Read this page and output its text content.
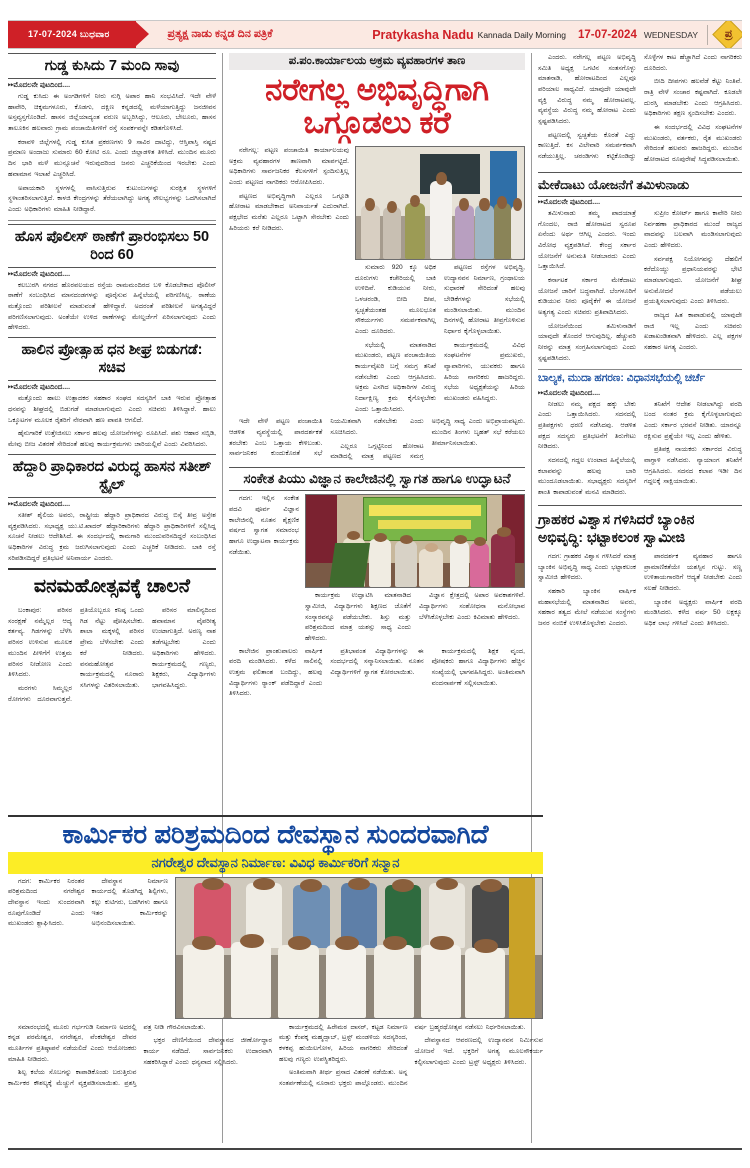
17-07-2024 ಬುಧವಾರ	ಪ್ರತ್ಯಕ್ಷ ನಾಡು ಕನ್ನಡ ದಿನ ಪತ್ರಿಕೆ	Pratykasha Nadu Kannada Daily Morning 17-07-2024 WEDNESDAY ಪ್ರ
ಗುಡ್ಡ ಕುಸಿದು 7 ಮಂದಿ ಸಾವು
▸▸ ಮೊದಲನೇ ಪುಟದಿಂದ....

ಗುಡ್ಡ ಕುಸಿದು ಈ ಅಂಗಡಿಗಳಿಗೆ ನೀರು ನುಗ್ಗಿ ಅಪಾರ ಹಾನಿ ಸಂಭವಿಸಿದೆ. ಇದೇ ವೇಳೆ ಹಾವೇರಿ, ಚಿಕ್ಕಮಗಳೂರು, ಕೊಡಗು, ದಕ್ಷಿಣ ಕನ್ನಡದಲ್ಲಿ ಮಳೆಯಾಗುತ್ತಿದ್ದು ಜನಜೀವನ ಅಸ್ತವ್ಯಸ್ತಗೊಂಡಿದೆ. ಹಾಸನ ಜಿಲ್ಲೆಯಾದ್ಯಂತ ವರುಣ ಅಬ್ಬರಿಸಿದ್ದು, ಆಲೂರು, ಬೇಲೂರು, ಹಾಸನ ತಾಲೂಕಿನ ಹಲವಾರು ಗ್ರಾಮ ಪಂಚಾಯಿತಿಗಳಿಗೆ ರಸ್ತೆ ಸಂಪರ್ಕವನ್ನೇ ಕಡಿತಗೊಳಿಸಿದೆ.

ಕರಾವಳಿ ಜಿಲ್ಲೆಗಳಲ್ಲಿ ಗುಡ್ಡ ಕುಸಿತ ಪ್ರಕರಣಗಳು 9 ಸಾವಿರ ದಾಟಿದ್ದು, ಆಸ್ತಿಪಾಸ್ತಿ ನಷ್ಟದ ಪ್ರಮಾಣ ಅಂದಾಜು ಸುಮಾರು 60 ಕೋಟಿ ರೂ. ಎಂದು ಜಿಲ್ಲಾಡಳಿತ ತಿಳಿಸಿದೆ. ಮುಂದಿನ ಮೂರು ದಿನ ಭಾರಿ ಮಳೆ ಮುನ್ಸೂಚನೆ ಇರುವುದರಿಂದ ಜನರು ಎಚ್ಚರಿಕೆಯಿಂದ ಇರಬೇಕು ಎಂದು ಹವಾಮಾನ ಇಲಾಖೆ ಎಚ್ಚರಿಸಿದೆ.

ಅಪಾಯಕಾರಿ ಸ್ಥಳಗಳಲ್ಲಿ ವಾಸಿಸುತ್ತಿರುವ ಕುಟುಂಬಗಳನ್ನು ಸುರಕ್ಷಿತ ಸ್ಥಳಗಳಿಗೆ ಸ್ಥಳಾಂತರಿಸಲಾಗುತ್ತಿದೆ. ಕಾಳಜಿ ಕೇಂದ್ರಗಳನ್ನು ತೆರೆಯಲಾಗಿದ್ದು ಅಗತ್ಯ ಸೌಲಭ್ಯಗಳನ್ನು ಒದಗಿಸಲಾಗಿದೆ ಎಂದು ಅಧಿಕಾರಿಗಳು ಮಾಹಿತಿ ನೀಡಿದ್ದಾರೆ.

ಹೊಸ ಪೊಲೀಸ್ ಠಾಣೆಗೆ ಪ್ರಾರಂಭಿಸಲು 50 ರಿಂದ 60
▸▸ ಮೊದಲನೇ ಪುಟದಿಂದ....

ಕಲಬುರಗಿ ನಗರದ ಹೊರವಲಯದ ರಸ್ತೆಯ ರಾಮಮಂದಿರದ ಬಳಿ ಕೊಡಬೇಕಾದ ಪೊಲೀಸ್ ಠಾಣೆಗೆ ಸಂಬಂಧಿಸಿದ ಮಾನದಂಡಗಳನ್ನು ಪೂರೈಸುವ ಹಿನ್ನೆಲೆಯಲ್ಲಿ ಪರಿಗಣಿಸಿಲ್ಲ. ಠಾಣೆಯ ಮತ್ತೊಂದು ಪರಿಶೀಲನೆ ಮಾಡುವಂತೆ ಹೇಳಿದ್ದಾರೆ. ಅದರಂತೆ ಪರಿಶೀಲನೆ ಅಗತ್ಯವಿದ್ದರೆ ಪರಿಗಣಿಸಲಾಗುವುದು. ಅಂತೆಯೇ ಉಳಿದ ಠಾಣೆಗಳನ್ನು ಮೇಲ್ದರ್ಜೆಗೆ ಏರಿಸಲಾಗುವುದು ಎಂದು ಹೇಳಿದರು.

ಹಾಲಿನ ಪ್ರೋತ್ಸಾಹ ಧನ ಶೀಘ್ರ ಬಿಡುಗಡೆ: ಸಚಿವ
▸▸ ಮೊದಲನೇ ಪುಟದಿಂದ....

ಮತ್ತೊಂದು ಹಾಲು ಉತ್ಪಾದಕರ ಸಹಕಾರ ಸಂಘದ ಸದಸ್ಯರಿಗೆ ಬಾಕಿ ಇರುವ ಪ್ರೋತ್ಸಾಹ ಧನವನ್ನು ಶೀಘ್ರದಲ್ಲಿ ಬಿಡುಗಡೆ ಮಾಡಲಾಗುವುದು ಎಂದು ಸಚಿವರು ತಿಳಿಸಿದ್ದಾರೆ. ಹಾಲು ಒಕ್ಕೂಟಗಳ ಮೂಲಕ ರೈತರಿಗೆ ನೇರವಾಗಿ ಹಣ ಪಾವತಿ ಆಗಲಿದೆ.

ಹೈನುಗಾರಿಕೆ ಉತ್ತೇಜಿಸಲು ಸರ್ಕಾರ ಹಲವು ಯೋಜನೆಗಳನ್ನು ರೂಪಿಸಿದೆ. ಪಶು ಆಹಾರ ಸಬ್ಸಿಡಿ, ಮೇವು ಬೀಜ ವಿತರಣೆ ಸೇರಿದಂತೆ ಹಲವು ಕಾರ್ಯಕ್ರಮಗಳು ಜಾರಿಯಲ್ಲಿವೆ ಎಂದು ವಿವರಿಸಿದರು.

ಹೆದ್ದಾರಿ ಪ್ರಾಧಿಕಾರದ ವಿರುದ್ಧ ಹಾಸನ ಸತೀಶ್ ಸ್ಟೈಲ್
▸▸ ಮೊದಲನೇ ಪುಟದಿಂದ....

ಸತೀಶ್ ಶೈಲಿಯ ಅವರು, ರಾಷ್ಟ್ರೀಯ ಹೆದ್ದಾರಿ ಪ್ರಾಧಿಕಾರದ ವಿರುದ್ಧ ಬಿಸ್ಕೆ ತೀವ್ರ ಅಸ್ತೇಶ ವ್ಯಕ್ತಪಡಿಸಿದರು. ಸಭಾಧ್ಯಕ್ಷ ಯು.ಟಿ.ಖಾದರ್ ಹೆದ್ದಾರಿಕಾರಿಗಳು ಹೆದ್ದಾರಿ ಪ್ರಾಧಿಕಾರಿಗಳಿಗೆ ಸಲ್ಲಿಸಿದ್ದ ಸೂಚನೆ ನೀಡಲು ಆದೇಶಿಸಿದೆ. ಈ ಸಂದರ್ಭದಲ್ಲಿ ಕಾಮಗಾರಿ ಮುಂದುವರಿಸದಿದ್ದರೆ ಸಂಬಂಧಿಸಿದ ಅಧಿಕಾರಿಗಳ ವಿರುದ್ಧ ಕ್ರಮ ಜರುಗಿಸಲಾಗುವುದು ಎಂದು ಎಚ್ಚರಿಕೆ ನೀಡಿದರು. ಬಾಕಿ ರಸ್ತೆ ಸರಿಪಡಿಸದಿದ್ದರೆ ಪ್ರತಿಭಟನೆ ಅನಿವಾರ್ಯ ಎಂದರು.

ವನಮಹೋತ್ಸವಕ್ಕೆ ಚಾಲನೆ

ಬಂಕಾಪುರ: ಪರಿಸರ ಸಂರಕ್ಷಣೆ ನಮ್ಮೆಲ್ಲರ ಆದ್ಯ ಕರ್ತವ್ಯ. ಗಿಡಗಳನ್ನು ಬೆಳೆಸಿ ಪರಿಸರ ಉಳಿಸುವ ಮೂಲಕ ಮುಂದಿನ ಪೀಳಿಗೆಗೆ ಉತ್ತಮ ಪರಿಸರ ನೀಡೋಣ ಎಂದು ತಿಳಿಸಿದರು.

ಮರಗಳು ಸಿಮ್ಮಲ್ಲರ ರೋಗಗಳು ದೂರವಾಗುತ್ತವೆ. ಪ್ರತಿಯೊಬ್ಬರೂ ಕನಿಷ್ಠ ಒಂದು ಗಿಡ ನೆಟ್ಟು ಪೋಷಿಸಬೇಕು. ಶಾಲಾ ಮಕ್ಕಳಲ್ಲಿ ಪರಿಸರ ಪ್ರೇಮ ಬೆಳೆಸಬೇಕು ಎಂದು ಕರೆ ನೀಡಿದರು. ವನಮಹೋತ್ಸವ ಕಾರ್ಯಕ್ರಮದಲ್ಲಿ ನೂರಾರು ಸಸಿಗಳನ್ನು ವಿತರಿಸಲಾಯಿತು.

ಪರಿಸರ ಮಾಲಿನ್ಯದಿಂದ ಹವಾಮಾನ ವೈಪರೀತ್ಯ ಉಂಟಾಗುತ್ತಿದೆ. ಅರಣ್ಯ ನಾಶ ತಡೆಗಟ್ಟಬೇಕು ಎಂದು ಅಧಿಕಾರಿಗಳು ಹೇಳಿದರು. ಕಾರ್ಯಕ್ರಮದಲ್ಲಿ ಗಣ್ಯರು, ಶಿಕ್ಷಕರು, ವಿದ್ಯಾರ್ಥಿಗಳು ಭಾಗವಹಿಸಿದ್ದರು.

ಪ.ಪಂ.ಕಾರ್ಯಾಲಯ ಅಕ್ರಮ ವ್ಯವಹಾರಗಳ ತಾಣ
ನರೇಗಲ್ಲ ಅಭಿವೃದ್ಧಿಗಾಗಿ ಒಗ್ಗೂಡಲು ಕರೆ

ನರೇಗಲ್ಲ: ಪಟ್ಟಣ ಪಂಚಾಯಿತಿ ಕಾರ್ಯಾಲಯವು ಅಕ್ರಮ ವ್ಯವಹಾರಗಳ ತಾಣವಾಗಿ ಮಾರ್ಪಟ್ಟಿದೆ. ಅಧಿಕಾರಿಗಳು ಸಾರ್ವಜನಿಕರ ಕೆಲಸಗಳಿಗೆ ಸ್ಪಂದಿಸುತ್ತಿಲ್ಲ ಎಂದು ಪಟ್ಟಣದ ನಾಗರಿಕರು ಆರೋಪಿಸಿದರು.

ಪಟ್ಟಣದ ಅಭಿವೃದ್ಧಿಗಾಗಿ ಎಲ್ಲರೂ ಒಗ್ಗೂಡಿ ಹೋರಾಟ ಮಾಡಬೇಕಾದ ಅನಿವಾರ್ಯತೆ ಎದುರಾಗಿದೆ. ಪಕ್ಷಭೇದ ಮರೆತು ಎಲ್ಲರೂ ಒಟ್ಟಾಗಿ ಸೇರಬೇಕು ಎಂದು ಹಿರಿಯರು ಕರೆ ನೀಡಿದರು.

ಸುಮಾರು 920 ಕ್ಕೂ ಅಧಿಕ ದೂರುಗಳು ಕಚೇರಿಯಲ್ಲಿ ಬಾಕಿ ಉಳಿದಿವೆ. ಕುಡಿಯುವ ನೀರು, ಒಳಚರಂಡಿ, ಬೀದಿ ದೀಪ, ಸ್ವಚ್ಛತೆಯಂತಹ ಮೂಲಭೂತ ಸೌಕರ್ಯಗಳು ಸಮರ್ಪಕವಾಗಿಲ್ಲ ಎಂದು ದೂರಿದರು.

ಸಭೆಯಲ್ಲಿ ಮಾತನಾಡಿದ ಮುಖಂಡರು, ಪಟ್ಟಣ ಪಂಚಾಯಿತಿಯ ಕಾರ್ಯವೈಖರಿ ಬಗ್ಗೆ ಸಮಗ್ರ ತನಿಖೆ ನಡೆಸಬೇಕು ಎಂದು ಆಗ್ರಹಿಸಿದರು. ಅಕ್ರಮ ಎಸಗಿದ ಅಧಿಕಾರಿಗಳ ವಿರುದ್ಧ ನಿರ್ದಾಕ್ಷಿಣ್ಯ ಕ್ರಮ ಕೈಗೊಳ್ಳಬೇಕು ಎಂದು ಒತ್ತಾಯಿಸಿದರು.

ಪಟ್ಟಣದ ರಸ್ತೆಗಳ ಅಭಿವೃದ್ಧಿ, ಉದ್ಯಾನವನ ನಿರ್ಮಾಣ, ಗ್ರಂಥಾಲಯ ಸುಧಾರಣೆ ಸೇರಿದಂತೆ ಹಲವು ಬೇಡಿಕೆಗಳನ್ನು ಸಭೆಯಲ್ಲಿ ಮಂಡಿಸಲಾಯಿತು. ಮುಂದಿನ ದಿನಗಳಲ್ಲಿ ಹೋರಾಟ ತೀವ್ರಗೊಳಿಸುವ ನಿರ್ಧಾರ ಕೈಗೊಳ್ಳಲಾಯಿತು.

ಕಾರ್ಯಕ್ರಮದಲ್ಲಿ ವಿವಿಧ ಸಂಘಟನೆಗಳ ಪ್ರಮುಖರು, ವ್ಯಾಪಾರಿಗಳು, ಯುವಕರು ಹಾಗೂ ಹಿರಿಯ ನಾಗರಿಕರು ಹಾಜರಿದ್ದರು. ಸಭೆಯ ಅಧ್ಯಕ್ಷತೆಯನ್ನು ಹಿರಿಯ ಮುಖಂಡರು ವಹಿಸಿದ್ದರು.

ಇದೇ ವೇಳೆ ಪಟ್ಟಣ ಪಂಚಾಯಿತಿ ಆಡಳಿತ ವ್ಯವಸ್ಥೆಯಲ್ಲಿ ಪಾರದರ್ಶಕತೆ ತರಬೇಕು ಎಂಬ ಒತ್ತಾಯ ಕೇಳಿಬಂತು. ಸಾರ್ವಜನಿಕರ ಕುಂದುಕೊರತೆ ಸಭೆ ನಿಯಮಿತವಾಗಿ ನಡೆಸಬೇಕು ಎಂದು ಸೂಚಿಸಿದರು.

ಎಲ್ಲರೂ ಒಗ್ಗಟ್ಟಿನಿಂದ ಹೋರಾಟ ಮಾಡಿದಲ್ಲಿ ಮಾತ್ರ ಪಟ್ಟಣದ ಸಮಗ್ರ ಅಭಿವೃದ್ಧಿ ಸಾಧ್ಯ ಎಂದು ಅಭಿಪ್ರಾಯಪಟ್ಟರು. ಮುಂದಿನ ತಿಂಗಳು ಬೃಹತ್ ಸಭೆ ಕರೆಯಲು ತೀರ್ಮಾನಿಸಲಾಯಿತು.

ಸಂಕೇತ ಪಿಯು ವಿಜ್ಞಾನ ಕಾಲೇಜಿನಲ್ಲಿ ಸ್ವಾಗತ ಹಾಗೂ ಉದ್ಘಾಟನೆ

ಗದಗ: ಇಲ್ಲಿನ ಸಂಕೇತ ಪದವಿ ಪೂರ್ವ ವಿಜ್ಞಾನ ಕಾಲೇಜಿನಲ್ಲಿ ನೂತನ ಶೈಕ್ಷಣಿಕ ವರ್ಷದ ಸ್ವಾಗತ ಸಮಾರಂಭ ಹಾಗೂ ಉದ್ಘಾಟನಾ ಕಾರ್ಯಕ್ರಮ ನಡೆಯಿತು.

ಕಾರ್ಯಕ್ರಮ ಉದ್ಘಾಟಿಸಿ ಮಾತನಾಡಿದ ಸ್ವಾಮೀಜಿ, ವಿದ್ಯಾರ್ಥಿಗಳು ಶಿಕ್ಷಣದ ಜೊತೆಗೆ ಸಂಸ್ಕಾರವನ್ನೂ ಪಡೆಯಬೇಕು. ಶಿಸ್ತು ಮತ್ತು ಪರಿಶ್ರಮದಿಂದ ಮಾತ್ರ ಯಶಸ್ಸು ಸಾಧ್ಯ ಎಂದು ಹೇಳಿದರು.

ವಿಜ್ಞಾನ ಕ್ಷೇತ್ರದಲ್ಲಿ ಅಪಾರ ಅವಕಾಶಗಳಿವೆ. ವಿದ್ಯಾರ್ಥಿಗಳು ಸಂಶೋಧನಾ ಮನೋಭಾವ ಬೆಳೆಸಿಕೊಳ್ಳಬೇಕು ಎಂದು ಕಿವಿಮಾತು ಹೇಳಿದರು.

ಕಾಲೇಜಿನ ಪ್ರಾಂಶುಪಾಲರು ವಾರ್ಷಿಕ ವರದಿ ಮಂಡಿಸಿದರು. ಕಳೆದ ಸಾಲಿನಲ್ಲಿ ಉತ್ತಮ ಫಲಿತಾಂಶ ಬಂದಿದ್ದು, ಹಲವು ವಿದ್ಯಾರ್ಥಿಗಳು ರ‍್ಯಾಂಕ್ ಪಡೆದಿದ್ದಾರೆ ಎಂದು ತಿಳಿಸಿದರು.

ಪ್ರತಿಭಾವಂತ ವಿದ್ಯಾರ್ಥಿಗಳನ್ನು ಈ ಸಂದರ್ಭದಲ್ಲಿ ಸನ್ಮಾನಿಸಲಾಯಿತು. ನೂತನ ವಿದ್ಯಾರ್ಥಿಗಳಿಗೆ ಸ್ವಾಗತ ಕೋರಲಾಯಿತು.

ಕಾರ್ಯಕ್ರಮದಲ್ಲಿ ಶಿಕ್ಷಕ ವೃಂದ, ಪೋಷಕರು ಹಾಗೂ ವಿದ್ಯಾರ್ಥಿಗಳು ಹೆಚ್ಚಿನ ಸಂಖ್ಯೆಯಲ್ಲಿ ಭಾಗವಹಿಸಿದ್ದರು. ಅಂತಿಮವಾಗಿ ವಂದನಾರ್ಪಣೆ ಸಲ್ಲಿಸಲಾಯಿತು.

ಎಂದರು. ನರೇಗಲ್ಲ ಪಟ್ಟಣ ಅಭಿವೃದ್ಧಿ ಸಮಿತಿ ಅಧ್ಯಕ್ಷ ಒಗಟಿನ ಸಂತಸಗೊಳ್ಳು ಮಾತನಾಡಿ, ಹೋರಾಟದಿಂದ ಎಲ್ಲವೂ ಪರಿಯಾಲ ಸಾಧ್ಯವಿದೆ. ಯಾವುದೇ ಯಾವುದೇ ವ್ಯಕ್ತಿ ವಿರುದ್ಧ ನಮ್ಮ ಹೋರಾಟವಲ್ಲ. ವ್ಯವಸ್ಥೆಯ ವಿರುದ್ಧ ನಮ್ಮ ಹೋರಾಟ ಎಂದು ಸ್ಪಷ್ಟಪಡಿಸಿದರು.

ಪಟ್ಟಣದಲ್ಲಿ ಸ್ವಚ್ಛತೆಯ ಕೊರತೆ ಎದ್ದು ಕಾಣುತ್ತಿದೆ. ಕಸ ವಿಲೇವಾರಿ ಸಮರ್ಪಕವಾಗಿ ನಡೆಯುತ್ತಿಲ್ಲ. ಚರಂಡಿಗಳು ಕಟ್ಟಿಕೊಂಡಿದ್ದು ಸೊಳ್ಳೆಗಳ ಕಾಟ ಹೆಚ್ಚಾಗಿದೆ ಎಂದು ನಾಗರಿಕರು ದೂರಿದರು.

ಬೀದಿ ದೀಪಗಳು ಹಲವೆಡೆ ಕೆಟ್ಟು ನಿಂತಿವೆ. ರಾತ್ರಿ ವೇಳೆ ಸಂಚಾರ ಕಷ್ಟವಾಗಿದೆ. ಕೂಡಲೇ ದುರಸ್ತಿ ಮಾಡಬೇಕು ಎಂದು ಆಗ್ರಹಿಸಿದರು. ಅಧಿಕಾರಿಗಳು ತಕ್ಷಣ ಸ್ಪಂದಿಸಬೇಕು ಎಂದರು.

ಈ ಸಂದರ್ಭದಲ್ಲಿ ವಿವಿಧ ಸಂಘಟನೆಗಳ ಮುಖಂಡರು, ವರ್ತಕರು, ರೈತ ಮುಖಂಡರು ಸೇರಿದಂತೆ ಹಲವರು ಹಾಜರಿದ್ದರು. ಮುಂದಿನ ಹೋರಾಟದ ರೂಪುರೇಷೆ ಸಿದ್ಧಪಡಿಸಲಾಯಿತು.

ಮೇಕೆದಾಟು ಯೋಜನೆಗೆ ತಮಿಳುನಾಡು
▸▸ ಮೊದಲನೇ ಪುಟದಿಂದ....

ತಮಿಳುನಾಡು ತಮ್ಮ ಪಾದಯಾತ್ರೆ ಗೊಂದಲ, ರಾಜಿ ಹೋರಾಟದ ಸ್ವರೂಪ ಏನೆಂದು ಅರ್ಥ ಆಗಿಲ್ಲ ಎಂದರು. ಇಂದು ವಿರೋಧ ವ್ಯಕ್ತಪಡಿಸಿದೆ. ಕೇಂದ್ರ ಸರ್ಕಾರ ಯೋಜನೆಗೆ ಅನುಮತಿ ನೀಡಬಾರದು ಎಂದು ಒತ್ತಾಯಿಸಿದೆ.

ಕರ್ನಾಟಕ ಸರ್ಕಾರ ಮೇಕೆದಾಟು ಯೋಜನೆ ಜಾರಿಗೆ ಬದ್ಧವಾಗಿದೆ. ಬೆಂಗಳೂರಿಗೆ ಕುಡಿಯುವ ನೀರು ಪೂರೈಕೆಗೆ ಈ ಯೋಜನೆ ಅತ್ಯಗತ್ಯ ಎಂದು ಸಚಿವರು ಪ್ರತಿಪಾದಿಸಿದರು.

ಯೋಜನೆಯಿಂದ ತಮಿಳುನಾಡಿಗೆ ಯಾವುದೇ ತೊಂದರೆ ಆಗುವುದಿಲ್ಲ. ಹೆಚ್ಚುವರಿ ನೀರನ್ನು ಮಾತ್ರ ಸಂಗ್ರಹಿಸಲಾಗುವುದು ಎಂದು ಸ್ಪಷ್ಟಪಡಿಸಿದರು.

ಸುಪ್ರೀಂ ಕೋರ್ಟ್ ಹಾಗೂ ಕಾವೇರಿ ನೀರು ನಿರ್ವಹಣಾ ಪ್ರಾಧಿಕಾರದ ಮುಂದೆ ರಾಜ್ಯದ ವಾದವನ್ನು ಬಲವಾಗಿ ಮಂಡಿಸಲಾಗುವುದು ಎಂದು ಹೇಳಿದರು.

ಸರ್ವಪಕ್ಷ ನಿಯೋಗವನ್ನು ದೆಹಲಿಗೆ ಕರೆದೊಯ್ದು ಪ್ರಧಾನಿಯವರನ್ನು ಭೇಟಿ ಮಾಡಲಾಗುವುದು. ಯೋಜನೆಗೆ ಶೀಘ್ರ ಅನುಮೋದನೆ ಪಡೆಯಲು ಪ್ರಯತ್ನಿಸಲಾಗುವುದು ಎಂದು ತಿಳಿಸಿದರು.

ರಾಜ್ಯದ ಹಿತ ಕಾಪಾಡುವಲ್ಲಿ ಯಾವುದೇ ರಾಜಿ ಇಲ್ಲ ಎಂದು ಸಚಿವರು ಖಡಾಖಂಡಿತವಾಗಿ ಹೇಳಿದರು. ಎಲ್ಲ ಪಕ್ಷಗಳ ಸಹಕಾರ ಅಗತ್ಯ ಎಂದರು.

ಬಾಲ್ಯಕ, ಮುದಾ ಹಗರಣ: ವಿಧಾನಸಭೆಯಲ್ಲಿ ಚರ್ಚೆ
▸▸ ಮೊದಲನೇ ಪುಟದಿಂದ....

ನೀಡಲು ನಮ್ಮ ಪಕ್ಷದ ಹಕ್ಕು ಬೇಕು ಎಂದು ಒತ್ತಾಯಿಸಿದರು. ಸದನದಲ್ಲಿ ಪ್ರತಿಪಕ್ಷಗಳು ಧರಣಿ ನಡೆಸಿದವು. ಆಡಳಿತ ಪಕ್ಷದ ಸದಸ್ಯರು ಪ್ರತಿಭಟನೆಗೆ ತಿರುಗೇಟು ನೀಡಿದರು.

ಸದನದಲ್ಲಿ ಗದ್ದಲ ಉಂಟಾದ ಹಿನ್ನೆಲೆಯಲ್ಲಿ ಕಲಾಪವನ್ನು ಹಲವು ಬಾರಿ ಮುಂದೂಡಲಾಯಿತು. ಸಭಾಧ್ಯಕ್ಷರು ಸದಸ್ಯರಿಗೆ ಶಾಂತಿ ಕಾಪಾಡುವಂತೆ ಮನವಿ ಮಾಡಿದರು.

ತನಿಖೆಗೆ ಆದೇಶ ನೀಡಲಾಗಿದ್ದು ವರದಿ ಬಂದ ನಂತರ ಕ್ರಮ ಕೈಗೊಳ್ಳಲಾಗುವುದು ಎಂದು ಸರ್ಕಾರ ಭರವಸೆ ನೀಡಿತು. ಯಾರನ್ನೂ ರಕ್ಷಿಸುವ ಪ್ರಶ್ನೆಯೇ ಇಲ್ಲ ಎಂದು ಹೇಳಿತು.

ಪ್ರತಿಪಕ್ಷ ನಾಯಕರು ಸರ್ಕಾರದ ವಿರುದ್ಧ ವಾಗ್ದಾಳಿ ನಡೆಸಿದರು. ನ್ಯಾಯಾಂಗ ತನಿಖೆಗೆ ಆಗ್ರಹಿಸಿದರು. ಸದನದ ಕಲಾಪ ಇಡೀ ದಿನ ಗದ್ದಲಕ್ಕೆ ಸಾಕ್ಷಿಯಾಯಿತು.

ಗ್ರಾಹಕರ ವಿಶ್ವಾಸ ಗಳಿಸಿದರೆ ಬ್ಯಾಂಕಿನ ಅಭಿವೃದ್ಧಿ: ಭಟ್ಟಾಕಲಂಕ ಸ್ವಾಮೀಜಿ

ಗದಗ: ಗ್ರಾಹಕರ ವಿಶ್ವಾಸ ಗಳಿಸಿದರೆ ಮಾತ್ರ ಬ್ಯಾಂಕಿನ ಅಭಿವೃದ್ಧಿ ಸಾಧ್ಯ ಎಂದು ಭಟ್ಟಾಕಲಂಕ ಸ್ವಾಮೀಜಿ ಹೇಳಿದರು.

ಸಹಕಾರಿ ಬ್ಯಾಂಕಿನ ವಾರ್ಷಿಕ ಮಹಾಸಭೆಯಲ್ಲಿ ಮಾತನಾಡಿದ ಅವರು, ಸಹಕಾರ ತತ್ವದ ಮೇಲೆ ನಡೆಯುವ ಸಂಸ್ಥೆಗಳು ಜನರ ನಂಬಿಕೆ ಉಳಿಸಿಕೊಳ್ಳಬೇಕು ಎಂದರು.

ಪಾರದರ್ಶಕ ವ್ಯವಹಾರ ಹಾಗೂ ಪ್ರಾಮಾಣಿಕತೆಯೇ ಯಶಸ್ಸಿನ ಗುಟ್ಟು. ಸಣ್ಣ ಉಳಿತಾಯಗಾರರಿಗೆ ಆದ್ಯತೆ ನೀಡಬೇಕು ಎಂದು ಸಲಹೆ ನೀಡಿದರು.

ಬ್ಯಾಂಕಿನ ಅಧ್ಯಕ್ಷರು ವಾರ್ಷಿಕ ವರದಿ ಮಂಡಿಸಿದರು. ಕಳೆದ ವರ್ಷ 50 ಲಕ್ಷಕ್ಕೂ ಅಧಿಕ ಲಾಭ ಗಳಿಸಿದೆ ಎಂದು ತಿಳಿಸಿದರು.

ಕಾರ್ಮಿಕರ ಪರಿಶ್ರಮದಿಂದ ದೇವಸ್ಥಾನ ಸುಂದರವಾಗಿದೆ
ನಗರೇಶ್ವರ ದೇವಸ್ಥಾನ ನಿರ್ಮಾಣ: ವಿವಿಧ ಕಾರ್ಮಿಕರಿಗೆ ಸನ್ಮಾನ

ಗದಗ: ಕಾರ್ಮಿಕರ ನಿರಂತರ ಪರಿಶ್ರಮದಿಂದ ನಗರೇಶ್ವರ ದೇವಸ್ಥಾನ ಇಂದು ಸುಂದರವಾಗಿ ರೂಪುಗೊಂಡಿದೆ ಎಂದು ಮುಖಂಡರು ಶ್ಲಾಘಿಸಿದರು.

ದೇವಸ್ಥಾನ ನಿರ್ಮಾಣ ಕಾರ್ಯದಲ್ಲಿ ತೊಡಗಿದ್ದ ಶಿಲ್ಪಿಗಳು, ಕಲ್ಲು ಕುಟಿಗರು, ಬಡಗಿಗಳು ಹಾಗೂ ಇತರ ಕಾರ್ಮಿಕರನ್ನು ಅಭಿನಂದಿಸಲಾಯಿತು.

ಸಮಾರಂಭದಲ್ಲಿ ಮೂರು ಗರ್ಭಗುಡಿ ನಿರ್ಮಾಣ ಅದರಲ್ಲಿ ಕನ್ನಡ ಪರಮೇಶ್ವರ, ನಗರೇಶ್ವರ, ವೆಂಕಟೇಶ್ವರ ದೇವರ ಮೂರ್ತಿಗಳ ಪ್ರತಿಷ್ಠಾಪನೆ ನಡೆಯಲಿದೆ ಎಂದು ಆಯೋಜಕರು ಮಾಹಿತಿ ನೀಡಿದರು.

ಶಿಲ್ಪ ಕಲೆಯ ಸೊಬಗನ್ನು ಕಾಪಾಡಿಕೊಂಡು ಬರುತ್ತಿರುವ ಕಾರ್ಮಿಕರ ಕೌಶಲ್ಯಕ್ಕೆ ಮೆಚ್ಚುಗೆ ವ್ಯಕ್ತಪಡಿಸಲಾಯಿತು. ಪ್ರಶಸ್ತಿ ಪತ್ರ ನೀಡಿ ಗೌರವಿಸಲಾಯಿತು.

ಭಕ್ತರ ದೇಣಿಗೆಯಿಂದ ದೇವಸ್ಥಾನದ ಜೀರ್ಣೋದ್ಧಾರ ಕಾರ್ಯ ನಡೆದಿದೆ. ಸಾರ್ವಜನಿಕರು ಉದಾರವಾಗಿ ಸಹಕರಿಸಿದ್ದಾರೆ ಎಂದು ಧನ್ಯವಾದ ಸಲ್ಲಿಸಿದರು.

ಕಾರ್ಯಕ್ರಮದಲ್ಲಿ ಹಿರೇಮಠ ದಾಸರ್, ಕಟ್ಟಡ ನಿರ್ಮಾಣ ಮತ್ತು ಕೆಂಪಕ್ಕ ಮಹ್ಮದ್ಸಾಬ್, ಟ್ರಸ್ಟ್ ಮಂಡಳಿಯ ಸದಸ್ಯರಿಂದ, ಕಳಕಪ್ಪ ಹುಯಿಲಗೋಳ, ಹಿರಿಯ ನಾಗರಿಕರು ಸೇರಿದಂತೆ ಹಲವು ಗಣ್ಯರು ಉಪಸ್ಥಿತರಿದ್ದರು.

ಅಂತಿಮವಾಗಿ ತೀರ್ಥ ಪ್ರಸಾದ ವಿತರಣೆ ನಡೆಯಿತು. ಅನ್ನ ಸಂತರ್ಪಣೆಯಲ್ಲಿ ನೂರಾರು ಭಕ್ತರು ಪಾಲ್ಗೊಂಡರು. ಮುಂದಿನ ವರ್ಷ ಬ್ರಹ್ಮರಥೋತ್ಸವ ನಡೆಸಲು ನಿರ್ಧರಿಸಲಾಯಿತು.

ದೇವಸ್ಥಾನದ ಆವರಣದಲ್ಲಿ ಉದ್ಯಾನವನ ನಿರ್ಮಿಸುವ ಯೋಜನೆ ಇದೆ. ಭಕ್ತರಿಗೆ ಅಗತ್ಯ ಮೂಲಸೌಕರ್ಯ ಕಲ್ಪಿಸಲಾಗುವುದು ಎಂದು ಟ್ರಸ್ಟ್ ಅಧ್ಯಕ್ಷರು ತಿಳಿಸಿದರು.
